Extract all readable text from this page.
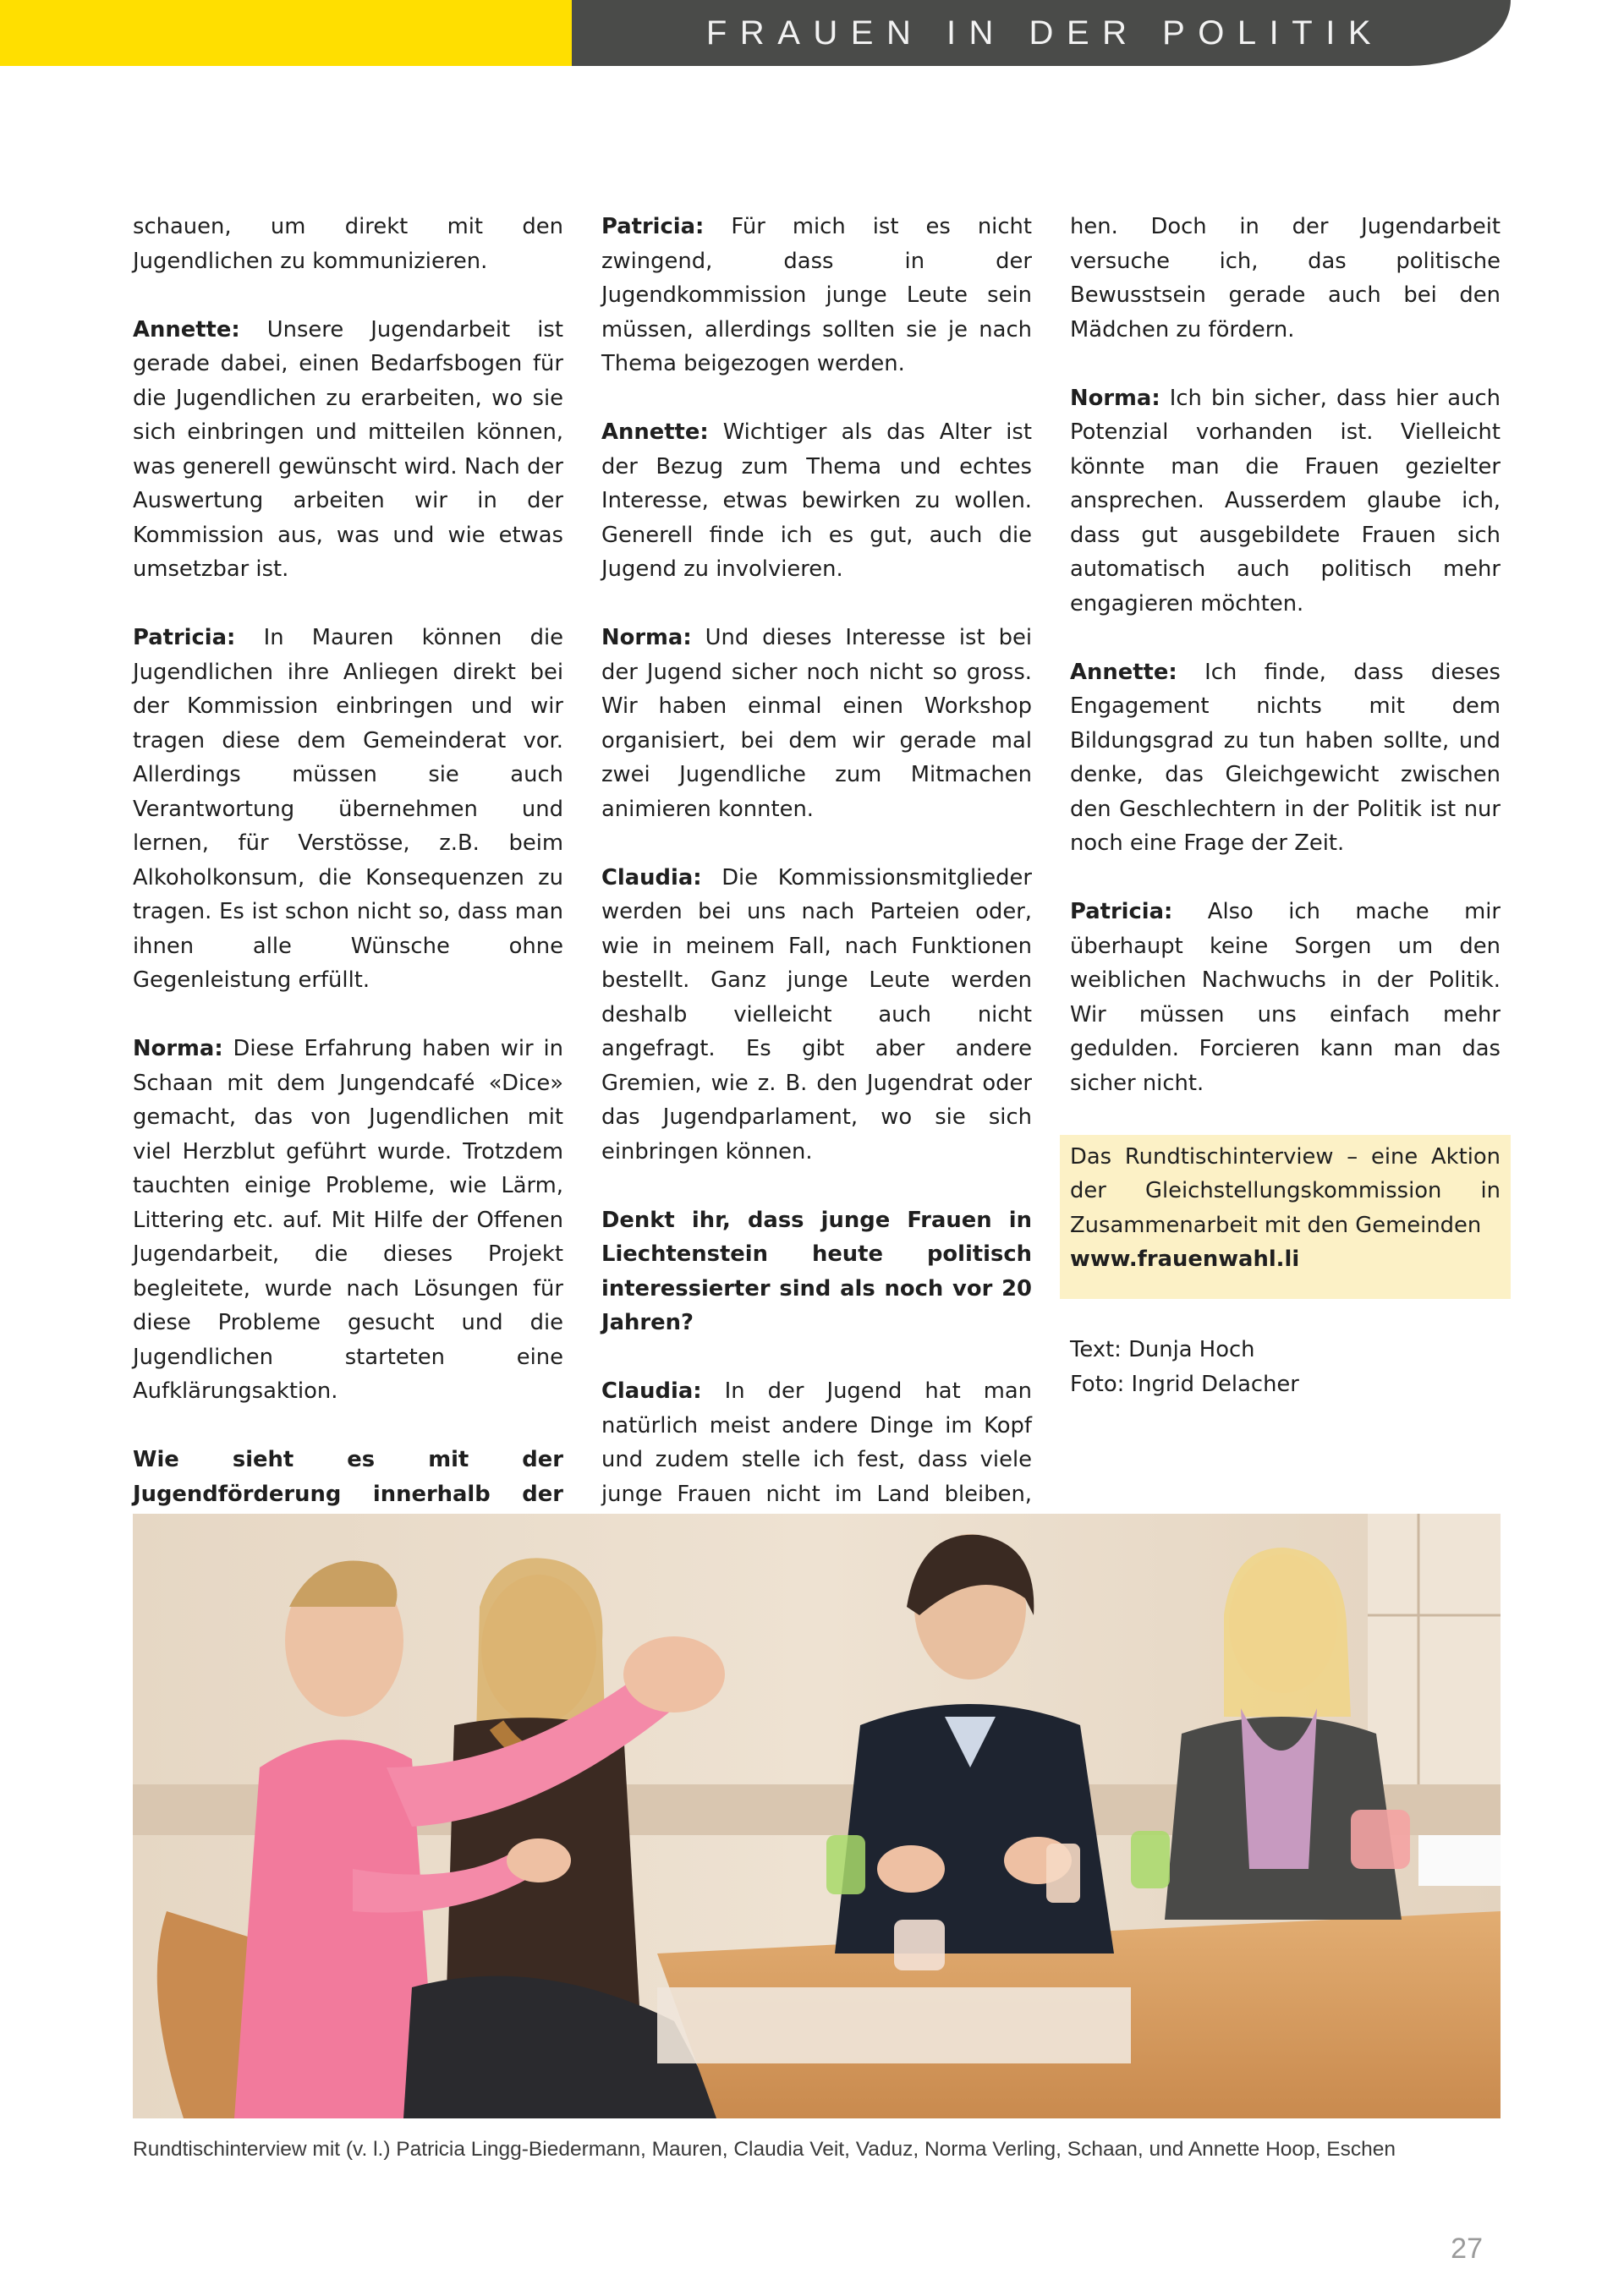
FRAUEN IN DER POLITIK

schauen, um direkt mit den Jugendlichen zu kommunizieren.

Annette: Unsere Jugendarbeit ist gerade dabei, einen Bedarfsbogen für die Jugendlichen zu erarbeiten, wo sie sich einbringen und mitteilen können, was generell gewünscht wird. Nach der Auswertung arbeiten wir in der Kommission aus, was und wie etwas umsetzbar ist.

Patricia: In Mauren können die Jugendlichen ihre Anliegen direkt bei der Kommission einbringen und wir tragen diese dem Gemeinderat vor. Allerdings müssen sie auch Verantwortung übernehmen und lernen, für Verstösse, z.B. beim Alkoholkonsum, die Konsequenzen zu tragen. Es ist schon nicht so, dass man ihnen alle Wünsche ohne Gegenleistung erfüllt.

Norma: Diese Erfahrung haben wir in Schaan mit dem Jungendcafé «Dice» gemacht, das von Jugendlichen mit viel Herzblut geführt wurde. Trotzdem tauchten einige Probleme, wie Lärm, Littering etc. auf. Mit Hilfe der Offenen Jugendarbeit, die dieses Projekt begleitete, wurde nach Lösungen für diese Probleme gesucht und die Jugendlichen starteten eine Aufklärungsaktion.

Wie sieht es mit der Jugendförderung innerhalb der

Patricia: Für mich ist es nicht zwingend, dass in der Jugendkommission junge Leute sein müssen, allerdings sollten sie je nach Thema beigezogen werden.

Annette: Wichtiger als das Alter ist der Bezug zum Thema und echtes Interesse, etwas bewirken zu wollen. Generell finde ich es gut, auch die Jugend zu involvieren.

Norma: Und dieses Interesse ist bei der Jugend sicher noch nicht so gross. Wir haben einmal einen Workshop organisiert, bei dem wir gerade mal zwei Jugendliche zum Mitmachen animieren konnten.

Claudia: Die Kommissionsmitglieder werden bei uns nach Parteien oder, wie in meinem Fall, nach Funktionen bestellt. Ganz junge Leute werden deshalb vielleicht auch nicht angefragt. Es gibt aber andere Gremien, wie z. B. den Jugendrat oder das Jugendparlament, wo sie sich einbringen können.

Denkt ihr, dass junge Frauen in Liechtenstein heute politisch interessierter sind als noch vor 20 Jahren?

Claudia: In der Jugend hat man natürlich meist andere Dinge im Kopf und zudem stelle ich fest, dass viele junge Frauen nicht im Land bleiben,

hen. Doch in der Jugendarbeit versuche ich, das politische Bewusstsein gerade auch bei den Mädchen zu fördern.

Norma: Ich bin sicher, dass hier auch Potenzial vorhanden ist. Vielleicht könnte man die Frauen gezielter ansprechen. Ausserdem glaube ich, dass gut ausgebildete Frauen sich automatisch auch politisch mehr engagieren möchten.

Annette: Ich finde, dass dieses Engagement nichts mit dem Bildungsgrad zu tun haben sollte, und denke, das Gleichgewicht zwischen den Geschlechtern in der Politik ist nur noch eine Frage der Zeit.

Patricia: Also ich mache mir überhaupt keine Sorgen um den weiblichen Nachwuchs in der Politik. Wir müssen uns einfach mehr gedulden. Forcieren kann man das sicher nicht.

Das Rundtischinterview – eine Aktion der Gleichstellungskommission in Zusammenarbeit mit den Gemeinden
www.frauenwahl.li
Text: Dunja Hoch
Foto: Ingrid Delacher
Rundtischinterview mit (v. l.) Patricia Lingg-Biedermann, Mauren, Claudia Veit, Vaduz, Norma Verling, Schaan, und Annette Hoop, Eschen
27
